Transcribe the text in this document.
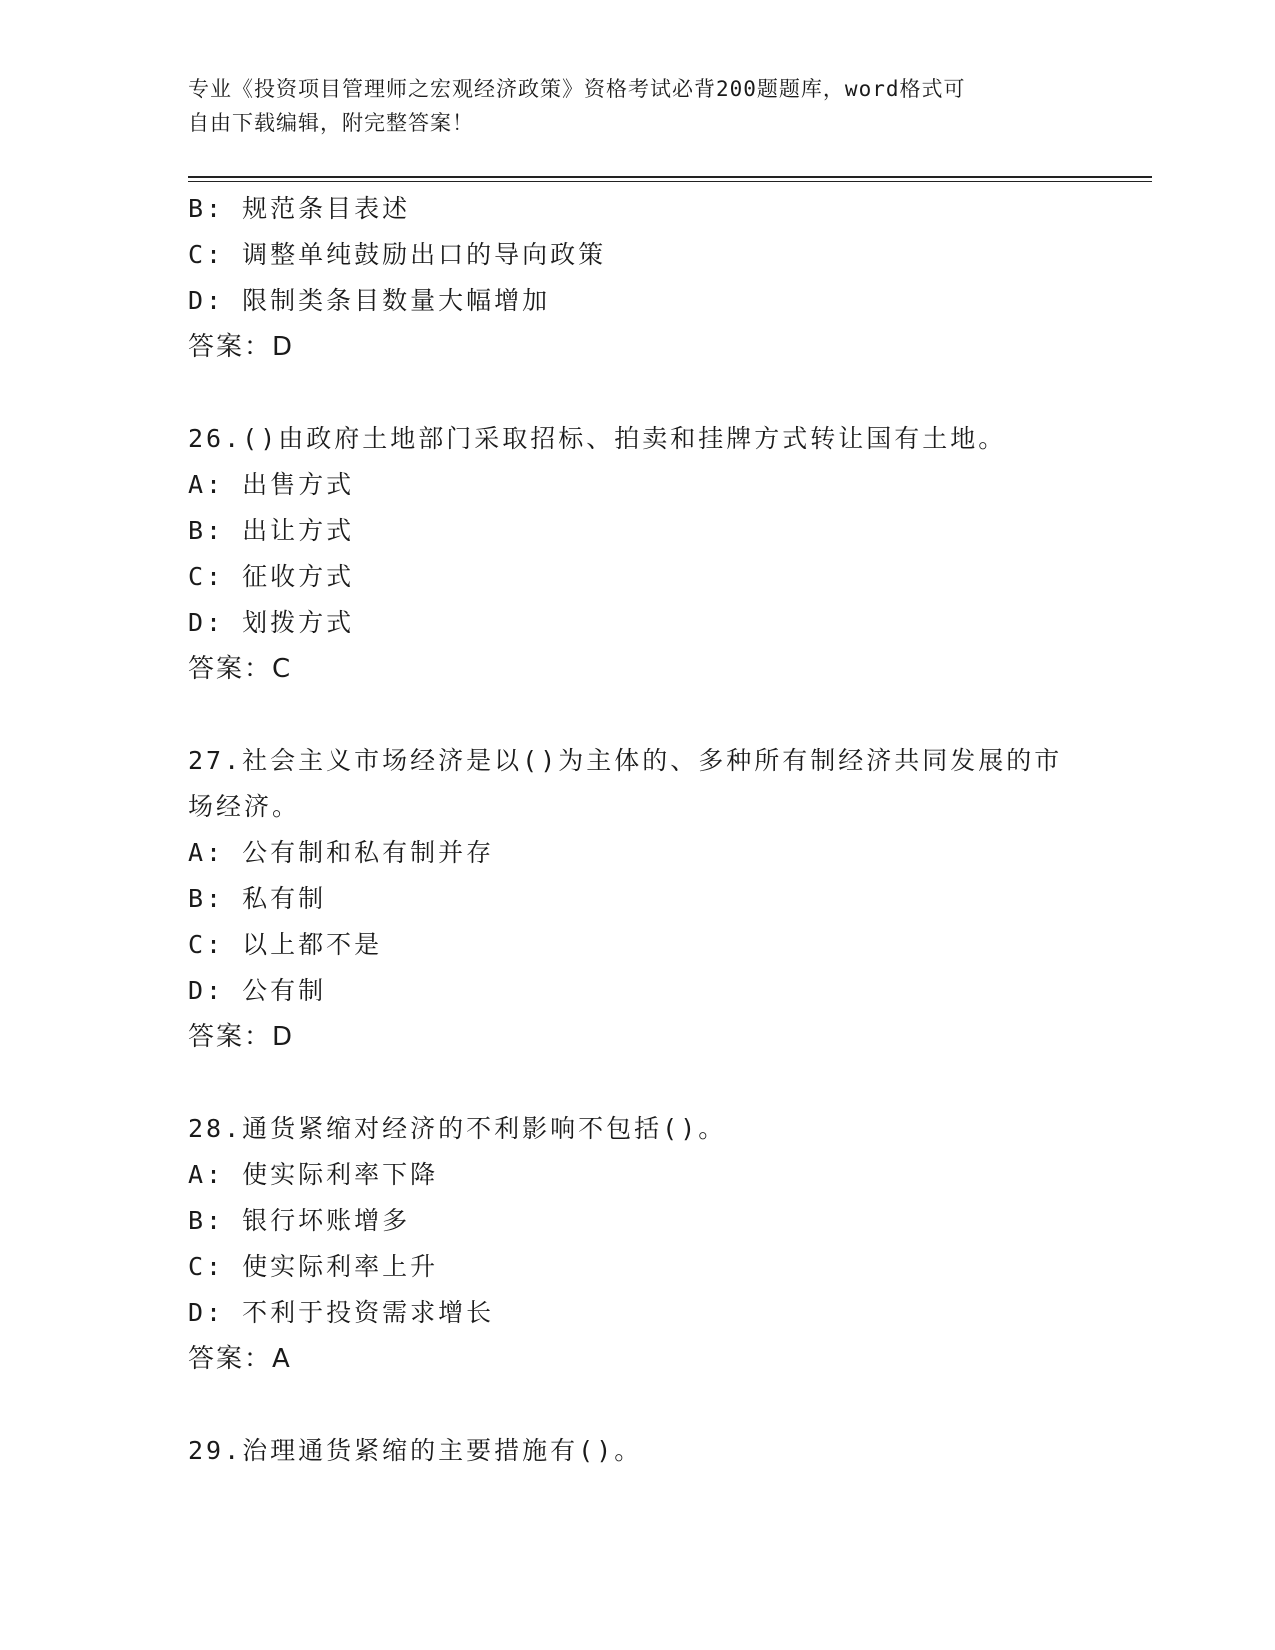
专业《投资项目管理师之宏观经济政策》资格考试必背200题题库，word格式可
自由下载编辑，附完整答案！
B: 规范条目表述
C: 调整单纯鼓励出口的导向政策
D: 限制类条目数量大幅增加
答案：D
26.()由政府土地部门采取招标、拍卖和挂牌方式转让国有土地。
A: 出售方式
B: 出让方式
C: 征收方式
D: 划拨方式
答案：C
27.社会主义市场经济是以()为主体的、多种所有制经济共同发展的市
场经济。
A: 公有制和私有制并存
B: 私有制
C: 以上都不是
D: 公有制
答案：D
28.通货紧缩对经济的不利影响不包括()。
A: 使实际利率下降
B: 银行坏账增多
C: 使实际利率上升
D: 不利于投资需求增长
答案：A
29.治理通货紧缩的主要措施有()。
